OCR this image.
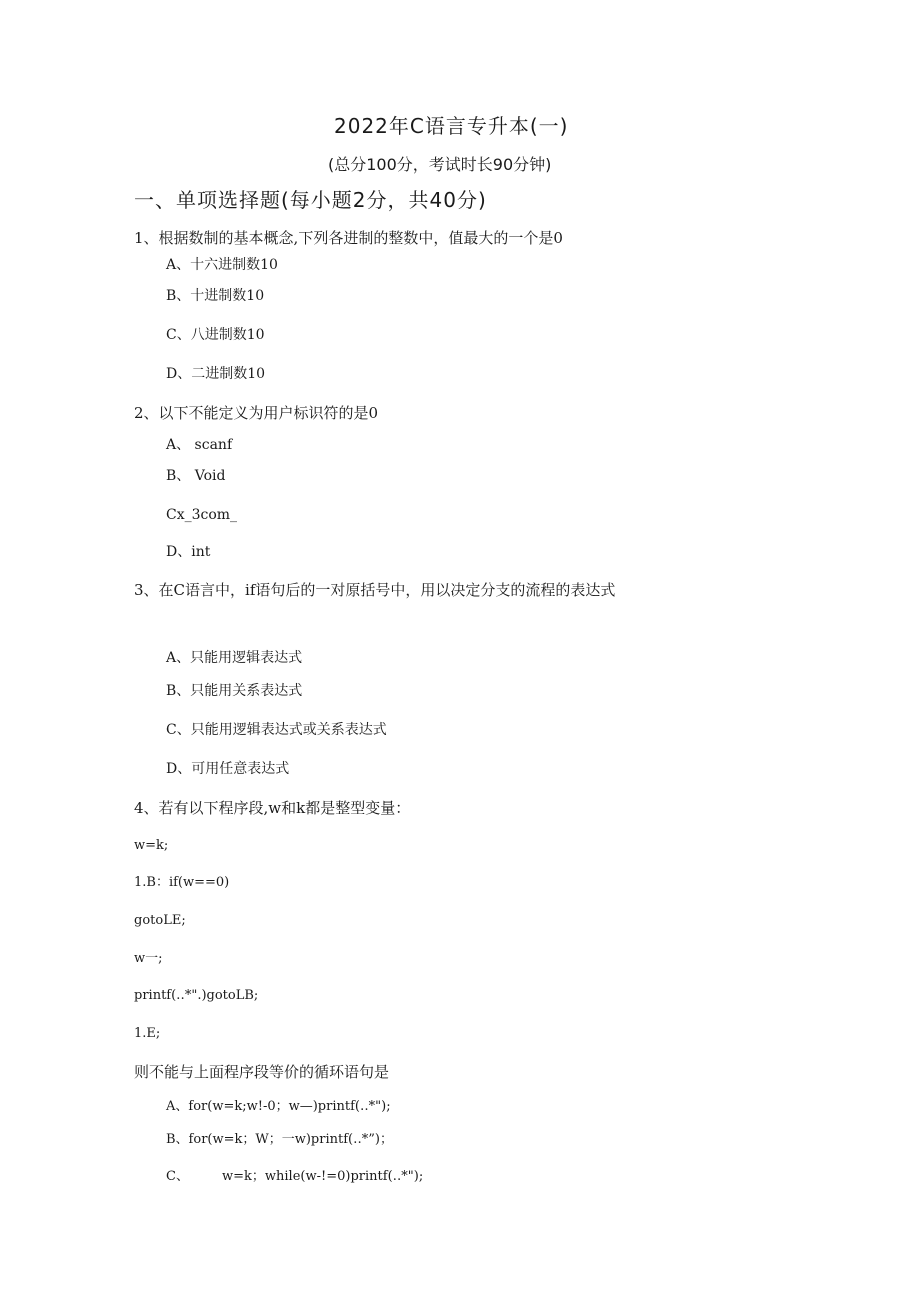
2022年C语言专升本(一)
(总分100分，考试时长90分钟)
一、单项选择题(每小题2分，共40分)
1、根据数制的基本概念,下列各进制的整数中，值最大的一个是0
A、十六进制数10
B、十进制数10
C、八进制数10
D、二进制数10
2、以下不能定义为用户标识符的是0
A、 scanf
B、 Void
Cx_3com_
D、int
3、在C语言中，if语句后的一对原括号中，用以决定分支的流程的表达式
A、只能用逻辑表达式
B、只能用关系表达式
C、只能用逻辑表达式或关系表达式
D、可用任意表达式
4、若有以下程序段,w和k都是整型变量：
w=k;
1.B：if(w==0)
gotoLE;
w一;
printf(‥*".)gotoLB;
1.E;
则不能与上面程序段等价的循环语句是
A、for(w=k;w!-0；w—)printf(‥*");
B、for(w=k；W；一w)printf(‥*”)；
C、        w=k；while(w-!=0)printf(‥*");
